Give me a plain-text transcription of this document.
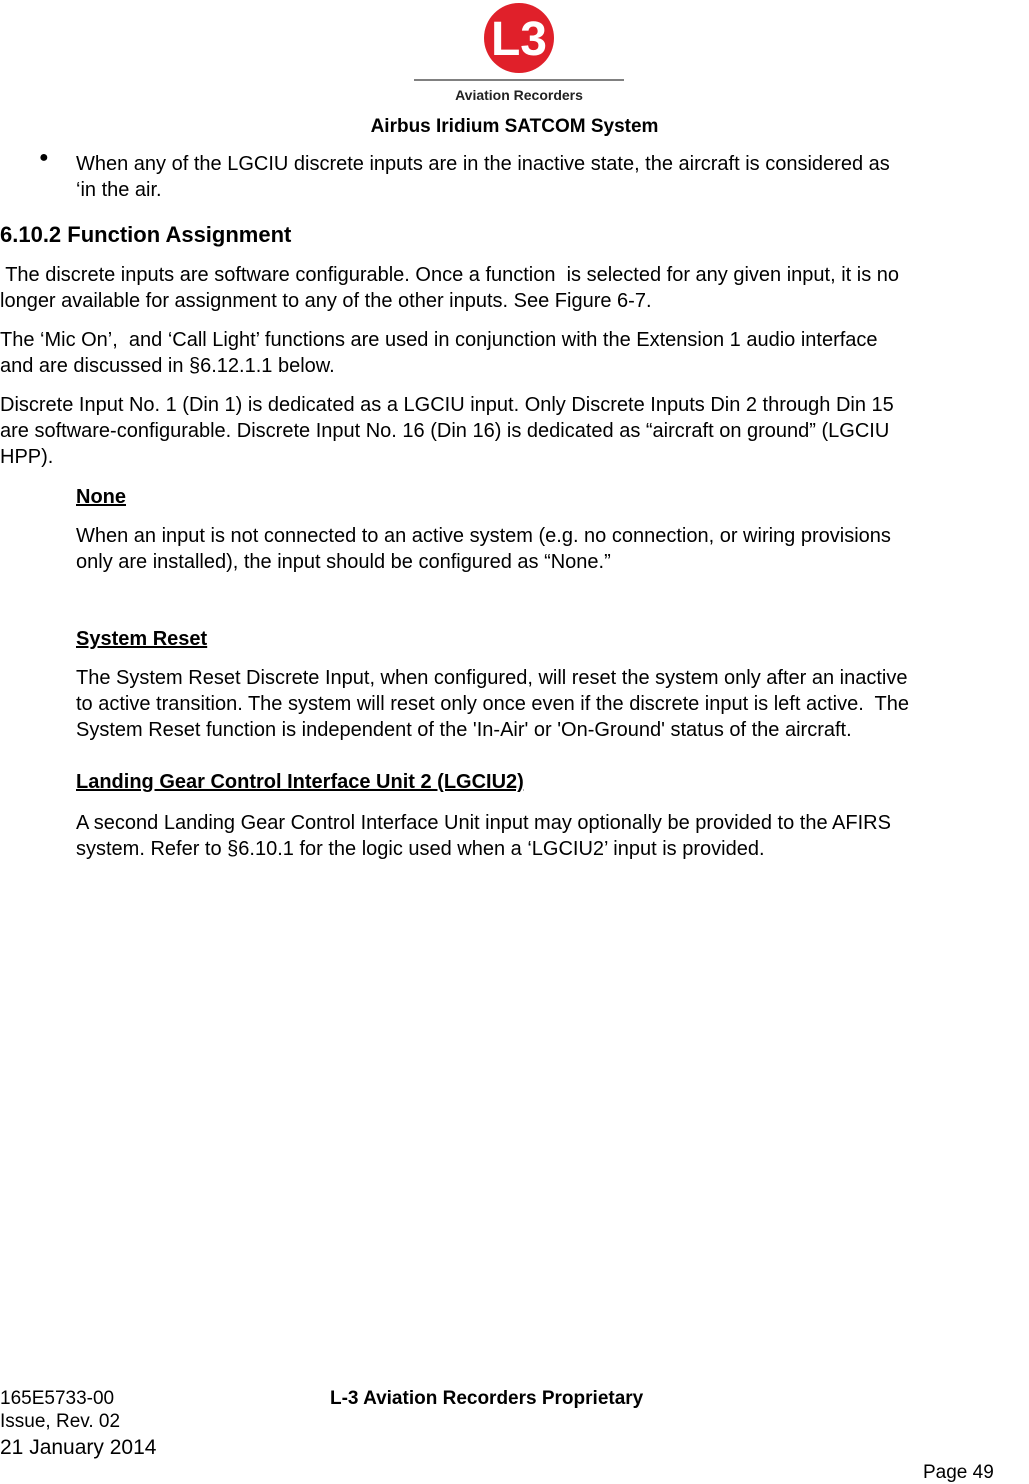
L3
Aviation Recorders
Airbus Iridium SATCOM System
● When any of the LGCIU discrete inputs are in the inactive state, the aircraft is considered as
‘in the air.
6.10.2 Function Assignment
The discrete inputs are software configurable. Once a function  is selected for any given input, it is no
longer available for assignment to any of the other inputs. See Figure 6-7.
The ‘Mic On’,  and ‘Call Light’ functions are used in conjunction with the Extension 1 audio interface
and are discussed in §6.12.1.1 below.
Discrete Input No. 1 (Din 1) is dedicated as a LGCIU input. Only Discrete Inputs Din 2 through Din 15
are software-configurable. Discrete Input No. 16 (Din 16) is dedicated as “aircraft on ground” (LGCIU
HPP).
None
When an input is not connected to an active system (e.g. no connection, or wiring provisions
only are installed), the input should be configured as “None.”
System Reset
The System Reset Discrete Input, when configured, will reset the system only after an inactive
to active transition. The system will reset only once even if the discrete input is left active.  The
System Reset function is independent of the 'In-Air' or 'On-Ground' status of the aircraft.
Landing Gear Control Interface Unit 2 (LGCIU2)
A second Landing Gear Control Interface Unit input may optionally be provided to the AFIRS
system. Refer to §6.10.1 for the logic used when a ‘LGCIU2’ input is provided.
165E5733-00
Issue, Rev. 02
21 January 2014
L-3 Aviation Recorders Proprietary
Page 49
